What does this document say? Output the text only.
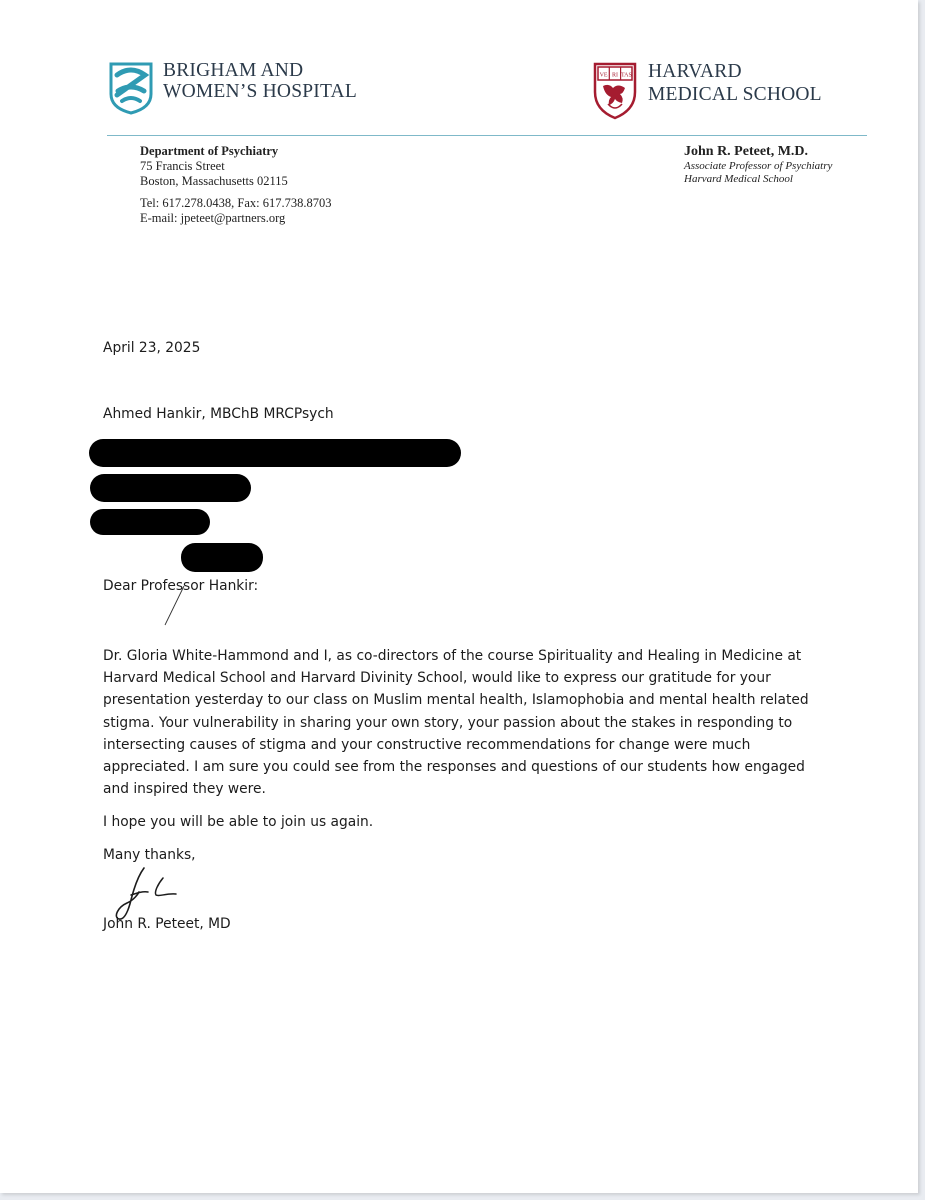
BRIGHAM AND
WOMEN’S HOSPITAL
VE RI TAS HARVARD
MEDICAL SCHOOL
Department of Psychiatry
75 Francis Street
Boston, Massachusetts 02115
Tel: 617.278.0438, Fax: 617.738.8703
E-mail: jpeteet@partners.org
John R. Peteet, M.D.
Associate Professor of Psychiatry
Harvard Medical School
April 23, 2025
Ahmed Hankir, MBChB MRCPsych
Dear Professor Hankir:
Dr. Gloria White-Hammond and I, as co-directors of the course Spirituality and Healing in Medicine at
Harvard Medical School and Harvard Divinity School, would like to express our gratitude for your
presentation yesterday to our class on Muslim mental health, Islamophobia and mental health related
stigma. Your vulnerability in sharing your own story, your passion about the stakes in responding to
intersecting causes of stigma and your constructive recommendations for change were much
appreciated. I am sure you could see from the responses and questions of our students how engaged
and inspired they were.
I hope you will be able to join us again.
Many thanks,
John R. Peteet, MD
